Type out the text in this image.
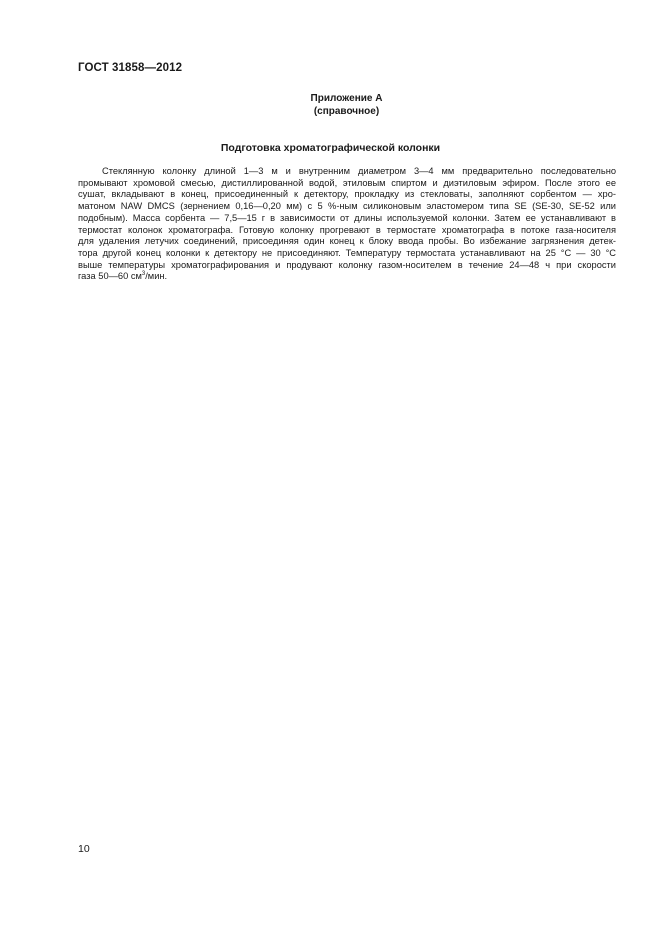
ГОСТ 31858—2012
Приложение А
(справочное)
Подготовка хроматографической колонки
Стеклянную колонку длиной 1—3 м и внутренним диаметром 3—4 мм предварительно последовательно
промывают хромовой смесью, дистиллированной водой, этиловым спиртом и диэтиловым эфиром. После этого ее
сушат, вкладывают в конец, присоединенный к детектору, прокладку из стекловаты, заполняют сорбентом — хро-
матоном NAW DMCS (зернением 0,16—0,20 мм) с 5 %-ным силиконовым эластомером типа SE (SE-30, SE-52 или
подобным). Масса сорбента — 7,5—15 г в зависимости от длины используемой колонки. Затем ее устанавливают в
термостат колонок хроматографа. Готовую колонку прогревают в термостате хроматографа в потоке газа-носителя
для удаления летучих соединений, присоединяя один конец к блоку ввода пробы. Во избежание загрязнения детек-
тора другой конец колонки к детектору не присоединяют. Температуру термостата устанавливают на 25 °С — 30 °С
выше температуры хроматографирования и продувают колонку газом-носителем в течение 24—48 ч при скорости
газа 50—60 $см^3$/мин.
10
